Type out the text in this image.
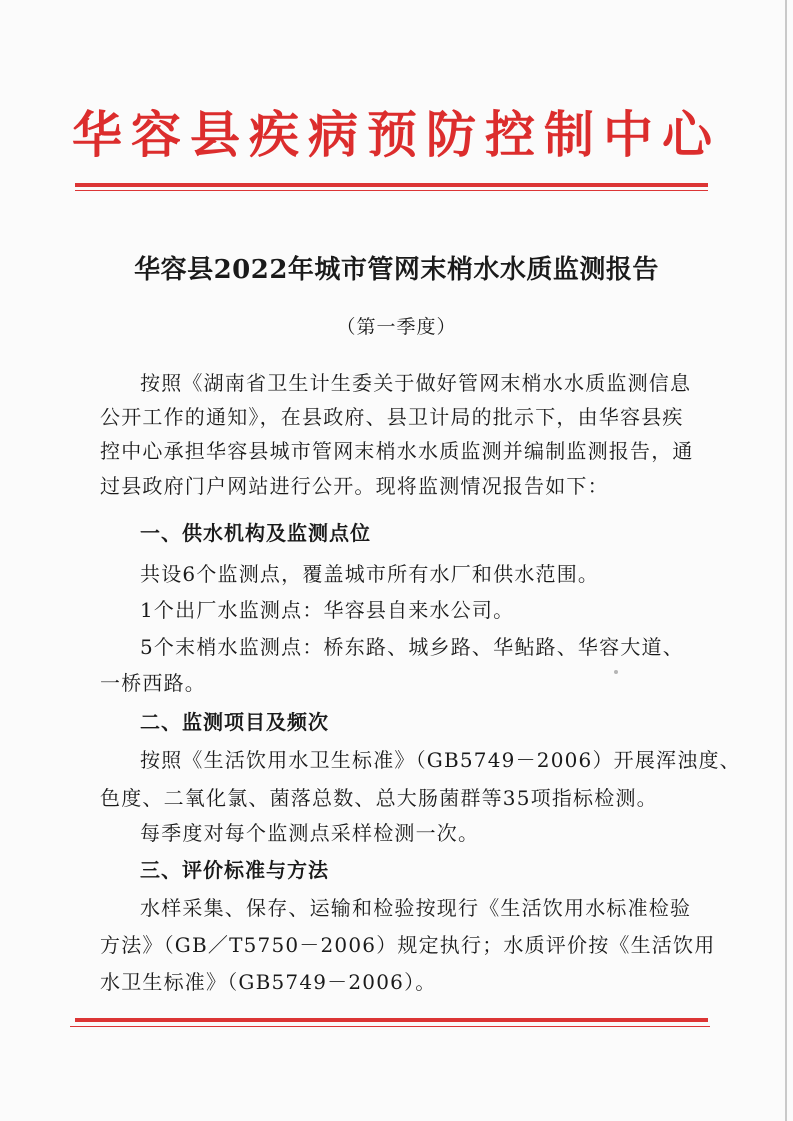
华容县疾病预防控制中心
华容县2022年城市管网末梢水水质监测报告
（第一季度）
按照《湖南省卫生计生委关于做好管网末梢水水质监测信息
公开工作的通知》，在县政府、县卫计局的批示下，由华容县疾
控中心承担华容县城市管网末梢水水质监测并编制监测报告，通
过县政府门户网站进行公开。现将监测情况报告如下：
一、供水机构及监测点位
共设6个监测点，覆盖城市所有水厂和供水范围。
1个出厂水监测点：华容县自来水公司。
5个末梢水监测点：桥东路、城乡路、华鲇路、华容大道、
一桥西路。
二、监测项目及频次
按照《生活饮用水卫生标准》（GB5749－2006）开展浑浊度、
色度、二氧化氯、菌落总数、总大肠菌群等35项指标检测。
每季度对每个监测点采样检测一次。
三、评价标准与方法
水样采集、保存、运输和检验按现行《生活饮用水标准检验
方法》（GB／T5750－2006）规定执行；水质评价按《生活饮用
水卫生标准》（GB5749－2006）。
